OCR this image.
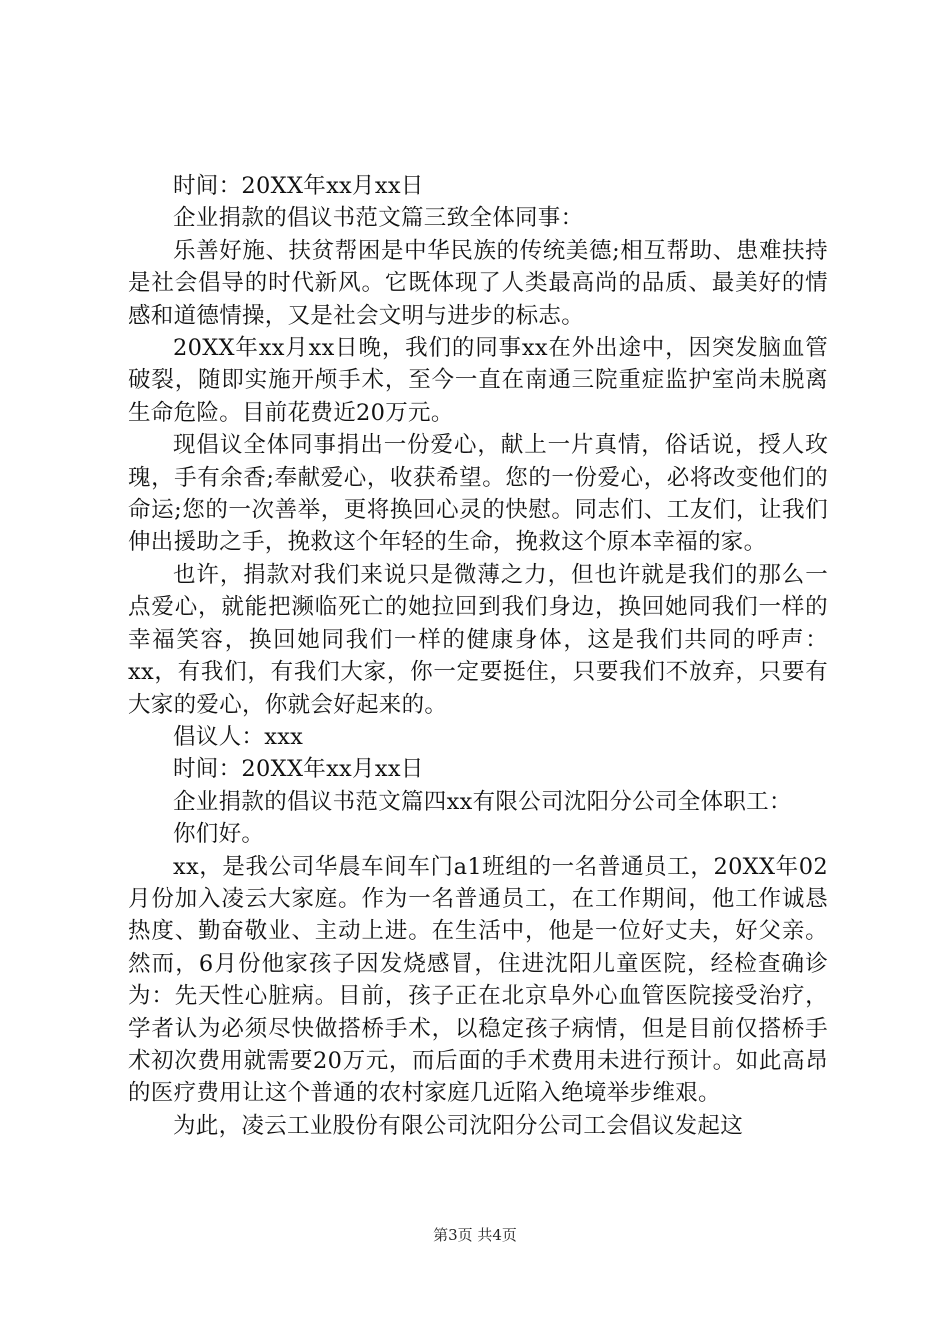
时间：20XX年xx月xx日

企业捐款的倡议书范文篇三致全体同事：

乐善好施、扶贫帮困是中华民族的传统美德;相互帮助、患难扶持是社会倡导的时代新风。它既体现了人类最高尚的品质、最美好的情感和道德情操，又是社会文明与进步的标志。

20XX年xx月xx日晚，我们的同事xx在外出途中，因突发脑血管破裂，随即实施开颅手术，至今一直在南通三院重症监护室尚未脱离生命危险。目前花费近20万元。

现倡议全体同事捐出一份爱心，献上一片真情，俗话说，授人玫瑰，手有余香;奉献爱心，收获希望。您的一份爱心，必将改变他们的命运;您的一次善举，更将换回心灵的快慰。同志们、工友们，让我们伸出援助之手，挽救这个年轻的生命，挽救这个原本幸福的家。

也许，捐款对我们来说只是微薄之力，但也许就是我们的那么一点爱心，就能把濒临死亡的她拉回到我们身边，换回她同我们一样的幸福笑容，换回她同我们一样的健康身体，这是我们共同的呼声：xx，有我们，有我们大家，你一定要挺住，只要我们不放弃，只要有大家的爱心，你就会好起来的。

倡议人：xxx

时间：20XX年xx月xx日

企业捐款的倡议书范文篇四xx有限公司沈阳分公司全体职工：

你们好。

xx，是我公司华晨车间车门a1班组的一名普通员工，20XX年02月份加入凌云大家庭。作为一名普通员工，在工作期间，他工作诚恳热度、勤奋敬业、主动上进。在生活中，他是一位好丈夫，好父亲。然而，6月份他家孩子因发烧感冒，住进沈阳儿童医院，经检查确诊为：先天性心脏病。目前，孩子正在北京阜外心血管医院接受治疗，学者认为必须尽快做搭桥手术，以稳定孩子病情，但是目前仅搭桥手术初次费用就需要20万元，而后面的手术费用未进行预计。如此高昂的医疗费用让这个普通的农村家庭几近陷入绝境举步维艰。

为此，凌云工业股份有限公司沈阳分公司工会倡议发起这

第3页 共4页
